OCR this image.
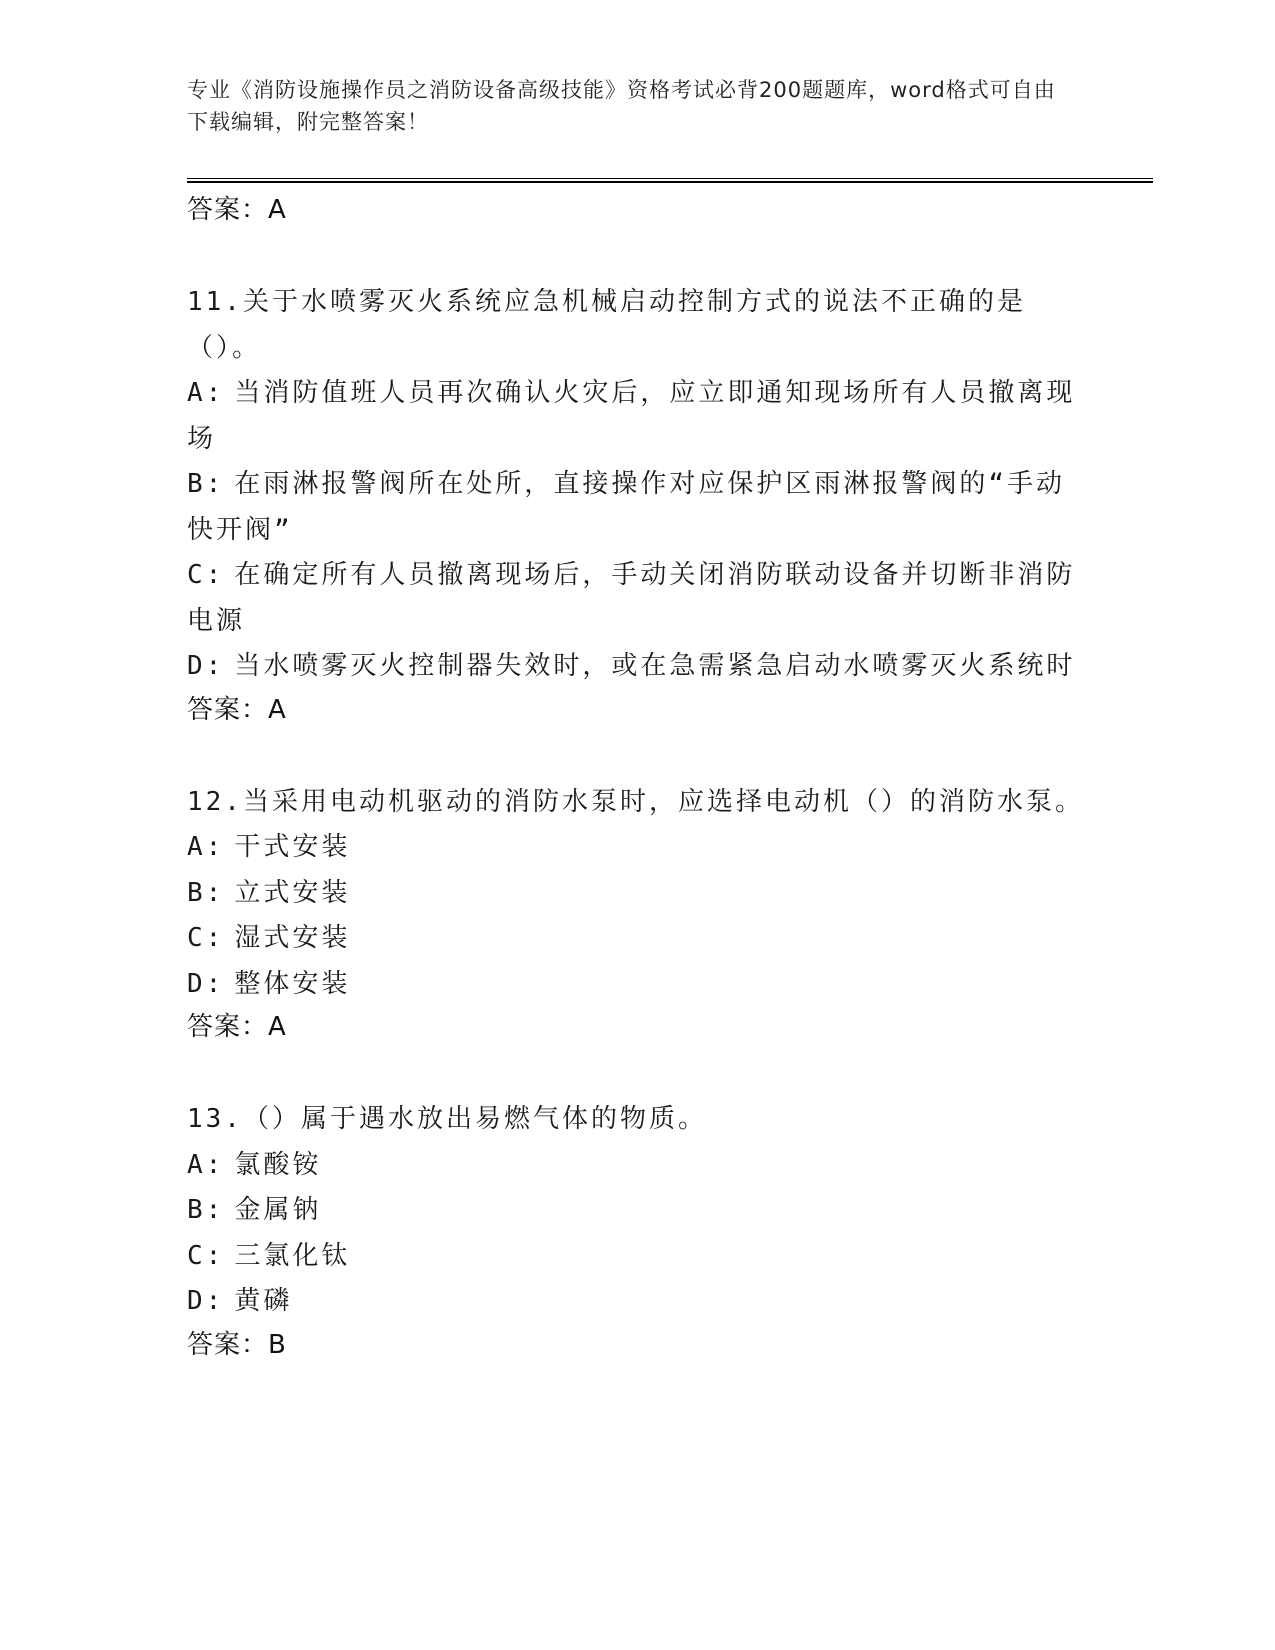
专业《消防设施操作员之消防设备高级技能》资格考试必背200题题库，word格式可自由下载编辑，附完整答案！
答案：A
11.关于水喷雾灭火系统应急机械启动控制方式的说法不正确的是（）。
A: 当消防值班人员再次确认火灾后，应立即通知现场所有人员撤离现场
B: 在雨淋报警阀所在处所，直接操作对应保护区雨淋报警阀的“手动快开阀”
C: 在确定所有人员撤离现场后，手动关闭消防联动设备并切断非消防电源
D: 当水喷雾灭火控制器失效时，或在急需紧急启动水喷雾灭火系统时
答案：A
12.当采用电动机驱动的消防水泵时，应选择电动机（）的消防水泵。
A: 干式安装
B: 立式安装
C: 湿式安装
D: 整体安装
答案：A
13.（）属于遇水放出易燃气体的物质。
A: 氯酸铵
B: 金属钠
C: 三氯化钛
D: 黄磷
答案：B
